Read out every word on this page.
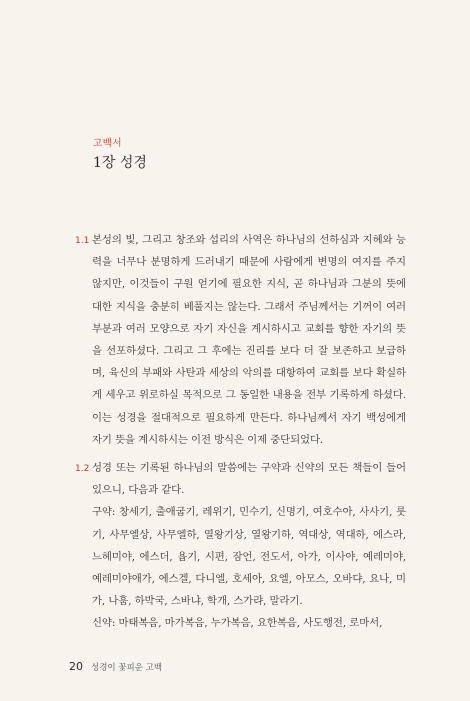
고백서
1장 성경
1.1 본성의 빛, 그리고 창조와 섭리의 사역은 하나님의 선하심과 지혜와 능력을 너무나 분명하게 드러내기 때문에 사람에게 변명의 여지를 주지 않지만, 이것들이 구원 얻기에 필요한 지식, 곧 하나님과 그분의 뜻에 대한 지식을 충분히 베풀지는 않는다. 그래서 주님께서는 기꺼이 여러 부분과 여러 모양으로 자기 자신을 계시하시고 교회를 향한 자기의 뜻을 선포하셨다. 그리고 그 후에는 진리를 보다 더 잘 보존하고 보급하며, 육신의 부패와 사탄과 세상의 악의를 대항하여 교회를 보다 확실하게 세우고 위로하실 목적으로 그 동일한 내용을 전부 기록하게 하셨다. 이는 성경을 절대적으로 필요하게 만든다. 하나님께서 자기 백성에게 자기 뜻을 계시하시는 이전 방식은 이제 중단되었다.
1.2 성경 또는 기록된 하나님의 말씀에는 구약과 신약의 모든 책들이 들어 있으니, 다음과 같다.
구약: 창세기, 출애굽기, 레위기, 민수기, 신명기, 여호수아, 사사기, 룻기, 사무엘상, 사무엘하, 열왕기상, 열왕기하, 역대상, 역대하, 에스라, 느헤미야, 에스더, 욥기, 시편, 잠언, 전도서, 아가, 이사야, 예레미야, 예레미야애가, 에스겔, 다니엘, 호세아, 요엘, 아모스, 오바댜, 요나, 미가, 나훔, 하박국, 스바냐, 학개, 스가랴, 말라기.
신약: 마태복음, 마가복음, 누가복음, 요한복음, 사도행전, 로마서,
20 성경이 꽃피운 고백
